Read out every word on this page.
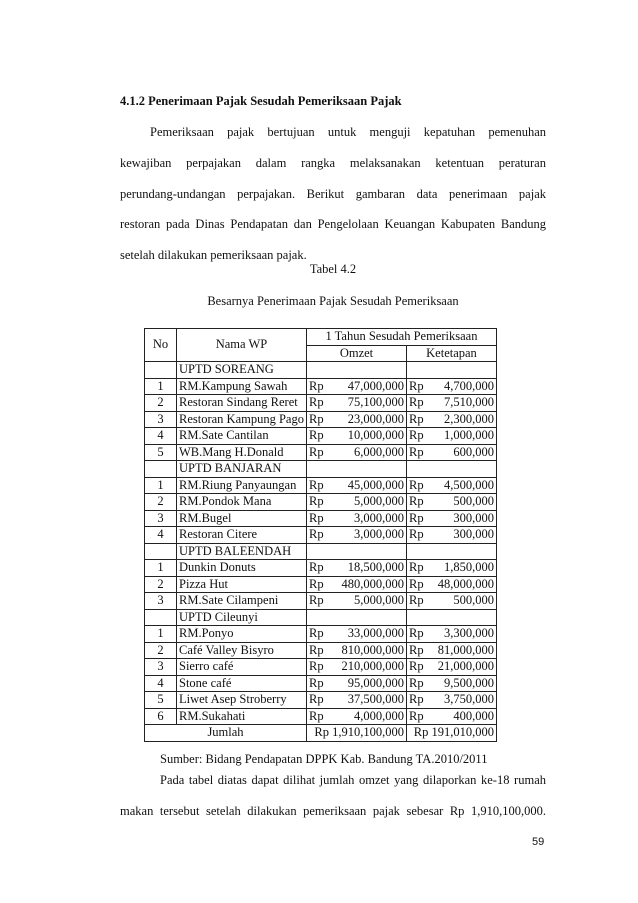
4.1.2 Penerimaan Pajak Sesudah Pemeriksaan Pajak
Pemeriksaan pajak bertujuan untuk menguji kepatuhan pemenuhan
kewajiban perpajakan dalam rangka melaksanakan ketentuan peraturan
perundang-undangan perpajakan. Berikut gambaran data penerimaan pajak
restoran pada Dinas Pendapatan dan Pengelolaan Keuangan Kabupaten Bandung
setelah dilakukan pemeriksaan pajak.
Tabel 4.2
Besarnya Penerimaan Pajak Sesudah Pemeriksaan
No	Nama WP	1 Tahun Sesudah Pemeriksaan			
		Omzet		Ketetapan	
	UPTD SOREANG				
1	RM.Kampung Sawah	Rp	47,000,000	Rp	4,700,000
2	Restoran Sindang Reret	Rp	75,100,000	Rp	7,510,000
3	Restoran Kampung Pago	Rp	23,000,000	Rp	2,300,000
4	RM.Sate Cantilan	Rp	10,000,000	Rp	1,000,000
5	WB.Mang H.Donald	Rp	6,000,000	Rp	600,000
	UPTD BANJARAN				
1	RM.Riung Panyaungan	Rp	45,000,000	Rp	4,500,000
2	RM.Pondok Mana	Rp	5,000,000	Rp	500,000
3	RM.Bugel	Rp	3,000,000	Rp	300,000
4	Restoran Citere	Rp	3,000,000	Rp	300,000
	UPTD BALEENDAH				
1	Dunkin Donuts	Rp	18,500,000	Rp	1,850,000
2	Pizza Hut	Rp	480,000,000	Rp	48,000,000
3	RM.Sate Cilampeni	Rp	5,000,000	Rp	500,000
	UPTD Cileunyi				
1	RM.Ponyo	Rp	33,000,000	Rp	3,300,000
2	Café Valley Bisyro	Rp	810,000,000	Rp	81,000,000
3	Sierro café	Rp	210,000,000	Rp	21,000,000
4	Stone café	Rp	95,000,000	Rp	9,500,000
5	Liwet Asep Stroberry	Rp	37,500,000	Rp	3,750,000
6	RM.Sukahati	Rp	4,000,000	Rp	400,000
Jumlah		Rp 1,910,100,000		Rp 191,010,000	
Sumber: Bidang Pendapatan DPPK Kab. Bandung TA.2010/2011
Pada tabel diatas dapat dilihat jumlah omzet yang dilaporkan ke-18 rumah
makan tersebut setelah dilakukan pemeriksaan pajak sebesar Rp 1,910,100,000.
59
